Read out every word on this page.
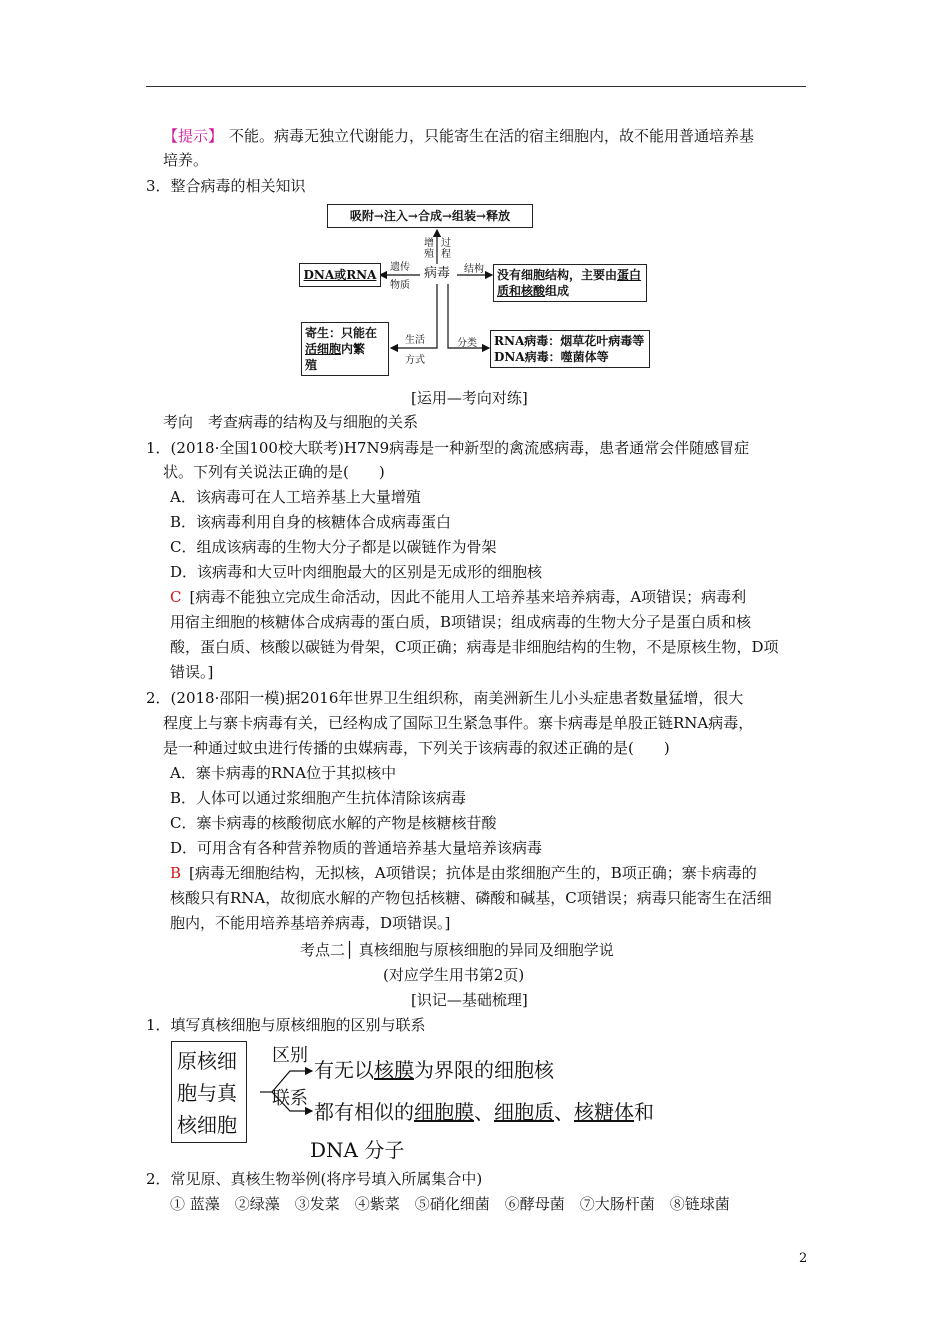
【提示】 不能。病毒无独立代谢能力，只能寄生在活的宿主细胞内，故不能用普通培养基
培养。
3．整合病毒的相关知识
吸附→注入→合成→组装→释放
增殖
过程
DNA或RNA
遗传
物质
病毒 结构 没有细胞结构，主要由蛋白
质和核酸组成
生活
方式
寄生：只能在
活细胞内繁
殖
分类 RNA病毒：烟草花叶病毒等
DNA病毒：噬菌体等
[运用—考向对练]
考向　考查病毒的结构及与细胞的关系
1．(2018·全国100校大联考)H7N9病毒是一种新型的禽流感病毒，患者通常会伴随感冒症
状。下列有关说法正确的是(　　)
A．该病毒可在人工培养基上大量增殖
B．该病毒利用自身的核糖体合成病毒蛋白
C．组成该病毒的生物大分子都是以碳链作为骨架
D．该病毒和大豆叶肉细胞最大的区别是无成形的细胞核
C [病毒不能独立完成生命活动，因此不能用人工培养基来培养病毒，A项错误；病毒利
用宿主细胞的核糖体合成病毒的蛋白质，B项错误；组成病毒的生物大分子是蛋白质和核
酸，蛋白质、核酸以碳链为骨架，C项正确；病毒是非细胞结构的生物，不是原核生物，D项
错误。]
2．(2018·邵阳一模)据2016年世界卫生组织称，南美洲新生儿小头症患者数量猛增，很大
程度上与寨卡病毒有关，已经构成了国际卫生紧急事件。寨卡病毒是单股正链RNA病毒，
是一种通过蚊虫进行传播的虫媒病毒，下列关于该病毒的叙述正确的是(　　)
A．寨卡病毒的RNA位于其拟核中
B．人体可以通过浆细胞产生抗体清除该病毒
C．寨卡病毒的核酸彻底水解的产物是核糖核苷酸
D．可用含有各种营养物质的普通培养基大量培养该病毒
B [病毒无细胞结构，无拟核，A项错误；抗体是由浆细胞产生的，B项正确；寨卡病毒的
核酸只有RNA，故彻底水解的产物包括核糖、磷酸和碱基，C项错误；病毒只能寄生在活细
胞内，不能用培养基培养病毒，D项错误。]
考点二│ 真核细胞与原核细胞的异同及细胞学说
(对应学生用书第2页)
[识记—基础梳理]
1．填写真核细胞与原核细胞的区别与联系
原核细
胞与真
核细胞
区别
联系
有无以核膜为界限的细胞核
都有相似的细胞膜、细胞质、核糖体和
DNA 分子
2．常见原、真核生物举例(将序号填入所属集合中)
① 蓝藻　②绿藻　③发菜　④紫菜　⑤硝化细菌　⑥酵母菌　⑦大肠杆菌　⑧链球菌
2
